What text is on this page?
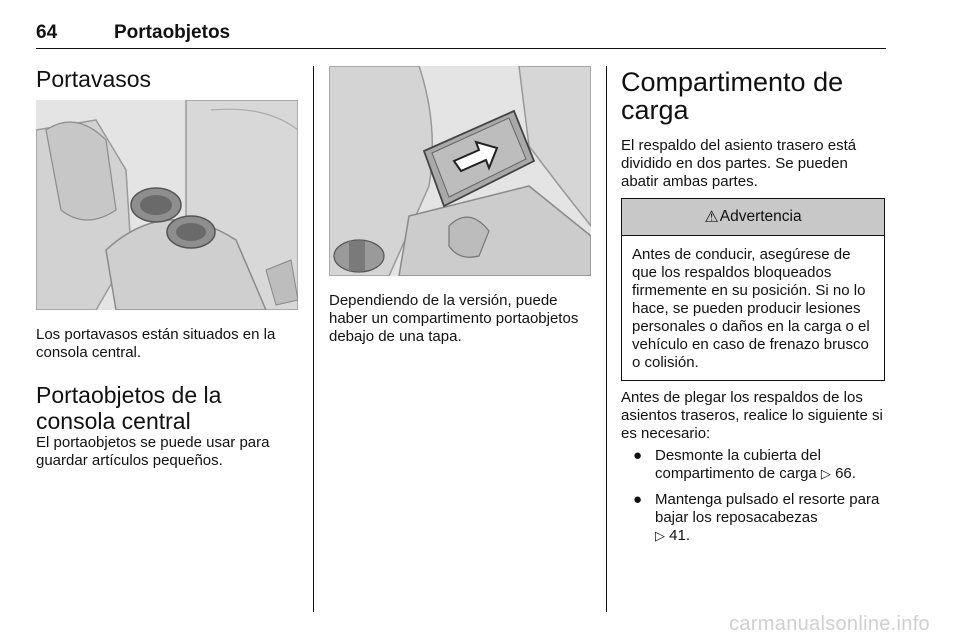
64	Portaobjetos
Portavasos

Los portavasos están situados en la consola central.

Portaobjetos de la consola central

El portaobjetos se puede usar para guardar artículos pequeños.

Dependiendo de la versión, puede haber un compartimento portaobjetos debajo de una tapa.

Compartimento de carga

El respaldo del asiento trasero está dividido en dos partes. Se pueden abatir ambas partes.

⚠ Advertencia

Antes de conducir, asegúrese de que los respaldos bloqueados firmemente en su posición. Si no lo hace, se pueden producir lesiones personales o daños en la carga o el vehículo en caso de frenazo brusco o colisión.

Antes de plegar los respaldos de los asientos traseros, realice lo siguiente si es necesario:

● Desmonte la cubierta del compartimento de carga ▷ 66.
● Mantenga pulsado el resorte para bajar los reposacabezas
▷ 41.
carmanualsonline.info
